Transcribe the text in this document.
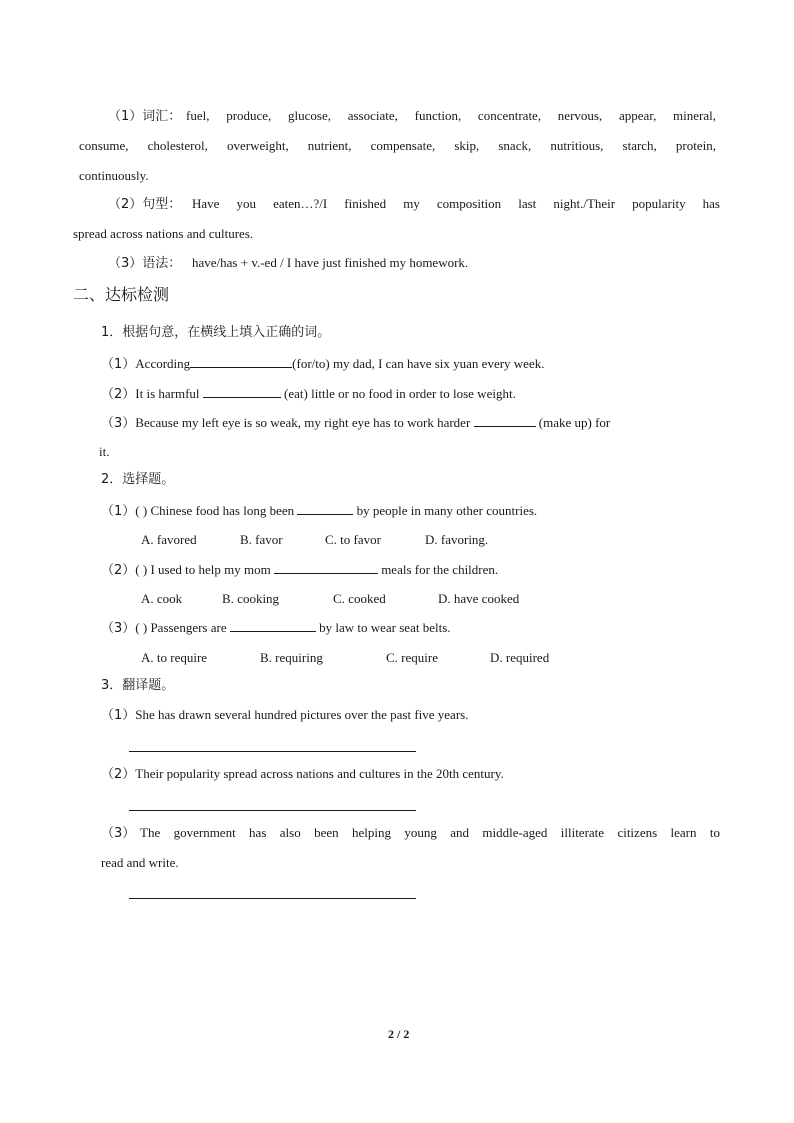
（1）词汇： fuel, produce, glucose, associate, function, concentrate, nervous, appear, mineral,
consume, cholesterol, overweight, nutrient, compensate, skip, snack, nutritious, starch, protein,
continuously.
（2）句型： Have you eaten…?/I finished my composition last night./Their popularity has
spread across nations and cultures.
（3）语法： have/has + v.-ed / I have just finished my homework.
二、达标检测
1．根据句意，在横线上填入正确的词。
（1）According	(for/to) my dad, I can have six yuan every week.
（2）It is harmful	(eat) little or no food in order to lose weight.
（3）Because my left eye is so weak, my right eye has to work harder	(make up) for
it.
2．选择题。
（1）( ) Chinese food has long been	by people in many other countries.
A. favored	B. favor	C. to favor	D. favoring.
（2）( ) I used to help my mom	meals for the children.
A. cook	B. cooking	C. cooked	D. have cooked
（3）( ) Passengers are	by law to wear seat belts.
A. to require	B. requiring	C. require	D. required
3．翻译题。
（1）She has drawn several hundred pictures over the past five years.
（2）Their popularity spread across nations and cultures in the 20th century.
（3） The government has also been helping young and middle-aged illiterate citizens learn to
read and write.
2 / 2
